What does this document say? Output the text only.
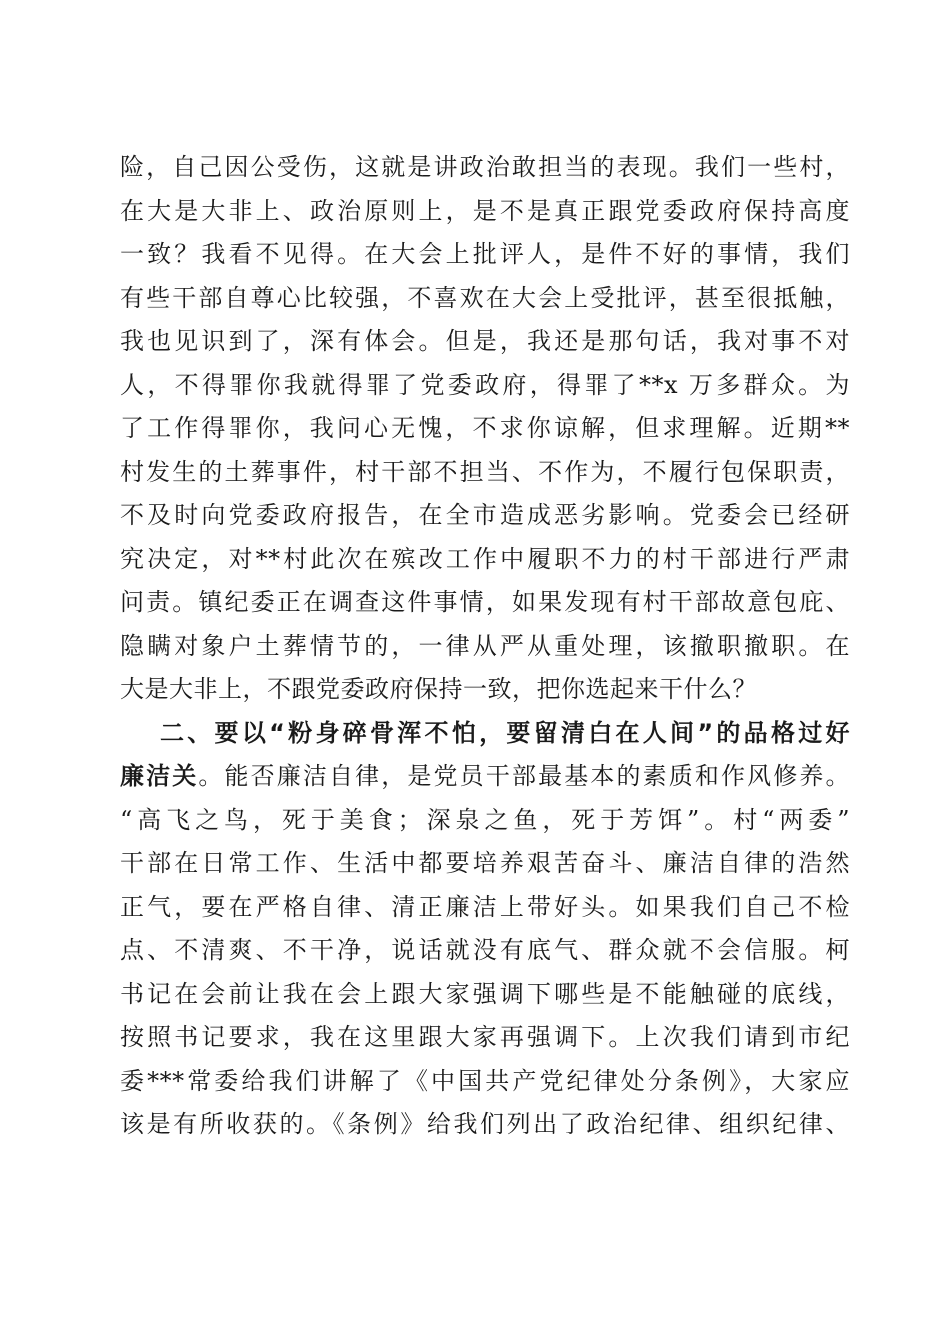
险，自己因公受伤，这就是讲政治敢担当的表现。我们一些村，
在大是大非上、政治原则上，是不是真正跟党委政府保持高度
一致？我看不见得。在大会上批评人，是件不好的事情，我们
有些干部自尊心比较强，不喜欢在大会上受批评，甚至很抵触，
我也见识到了，深有体会。但是，我还是那句话，我对事不对
人，不得罪你我就得罪了党委政府，得罪了**x 万多群众。为
了工作得罪你，我问心无愧，不求你谅解，但求理解。近期**
村发生的土葬事件，村干部不担当、不作为，不履行包保职责，
不及时向党委政府报告，在全市造成恶劣影响。党委会已经研
究决定，对**村此次在殡改工作中履职不力的村干部进行严肃
问责。镇纪委正在调查这件事情，如果发现有村干部故意包庇、
隐瞒对象户土葬情节的，一律从严从重处理，该撤职撤职。在
大是大非上，不跟党委政府保持一致，把你选起来干什么？
二、要以“粉身碎骨浑不怕，要留清白在人间”的品格过好
廉洁关。能否廉洁自律，是党员干部最基本的素质和作风修养。
“高飞之鸟，死于美食；深泉之鱼，死于芳饵”。村“两委”
干部在日常工作、生活中都要培养艰苦奋斗、廉洁自律的浩然
正气，要在严格自律、清正廉洁上带好头。如果我们自己不检
点、不清爽、不干净，说话就没有底气、群众就不会信服。柯
书记在会前让我在会上跟大家强调下哪些是不能触碰的底线，
按照书记要求，我在这里跟大家再强调下。上次我们请到市纪
委***常委给我们讲解了《中国共产党纪律处分条例》，大家应
该是有所收获的。《条例》给我们列出了政治纪律、组织纪律、
